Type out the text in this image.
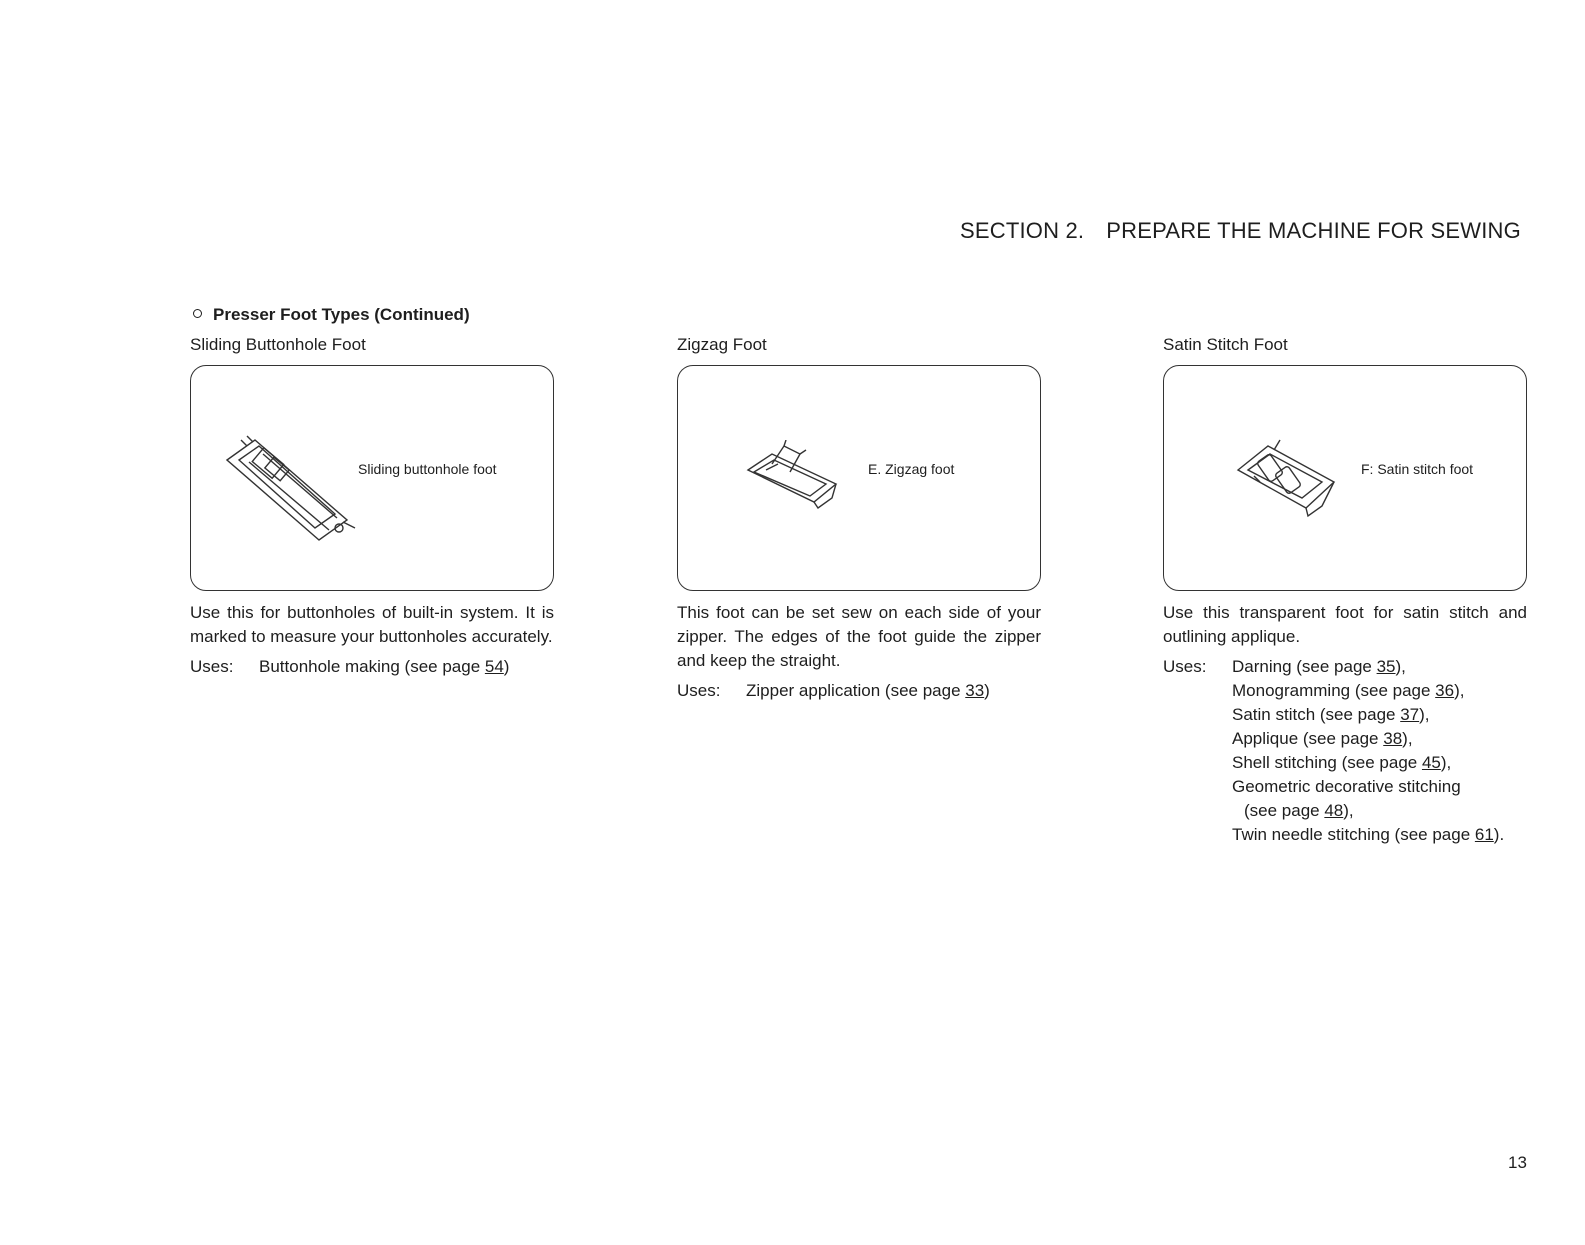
SECTION 2. PREPARE THE MACHINE FOR SEWING
Presser Foot Types (Continued)
Sliding Buttonhole Foot
Sliding buttonhole foot
Use this for buttonholes of built-in system. It is marked to measure your buttonholes accurately.
Uses:	Buttonhole making (see page 54)
Zigzag Foot
E. Zigzag foot
This foot can be set sew on each side of your zipper. The edges of the foot guide the zipper and keep the straight.
Uses:	Zipper application (see page 33)
Satin Stitch Foot
F: Satin stitch foot
Use this transparent foot for satin stitch and outlining applique.
Uses:	Darning (see page 35),
Monogramming (see page 36),
Satin stitch (see page 37),
Applique (see page 38),
Shell stitching (see page 45),
Geometric decorative stitching
(see page 48),
Twin needle stitching (see page 61).
13
